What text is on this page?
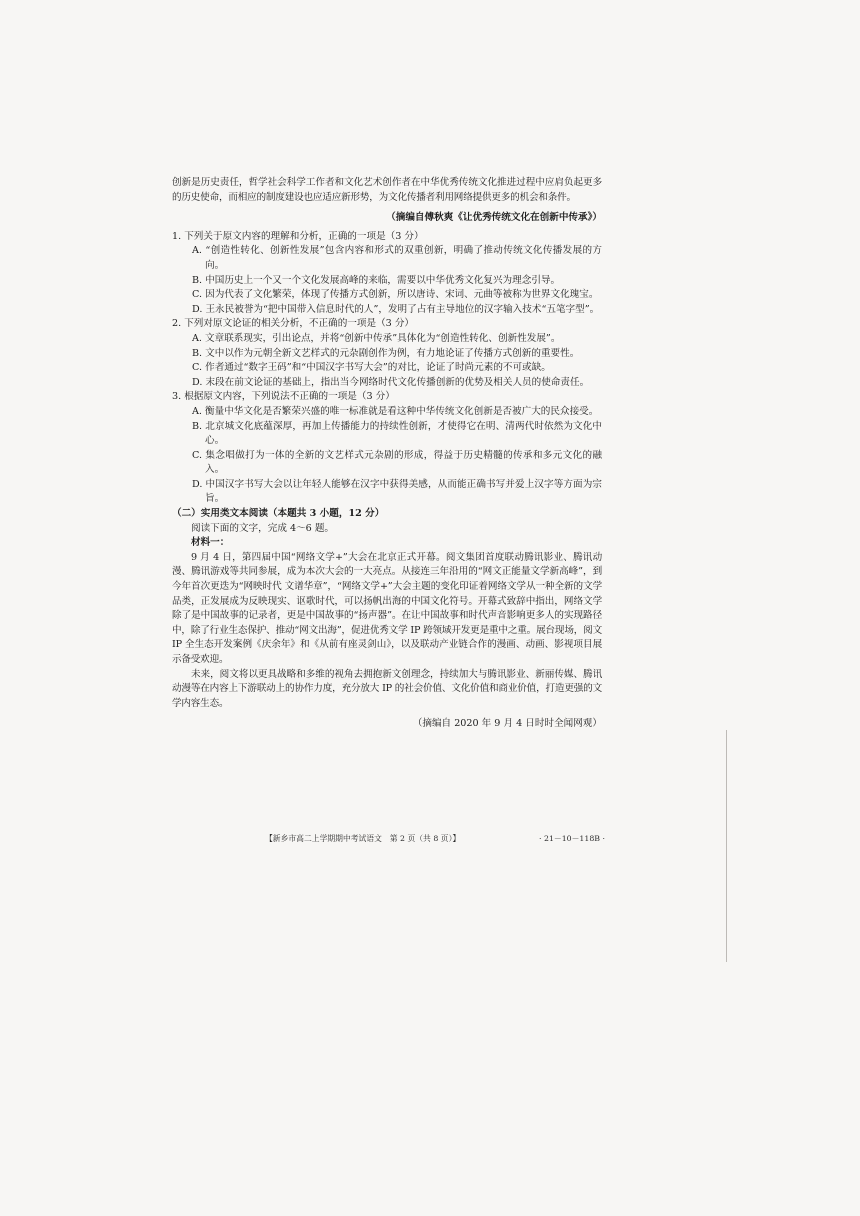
创新是历史责任，哲学社会科学工作者和文化艺术创作者在中华优秀传统文化推进过程中应肩负起更多的历史使命，而相应的制度建设也应适应新形势，为文化传播者利用网络提供更多的机会和条件。

（摘编自傅秋爽《让优秀传统文化在创新中传承》）

1. 下列关于原文内容的理解和分析，正确的一项是（3 分）

A. “创造性转化、创新性发展”包含内容和形式的双重创新，明确了推动传统文化传播发展的方向。

B. 中国历史上一个又一个文化发展高峰的来临，需要以中华优秀文化复兴为理念引导。

C. 因为代表了文化繁荣，体现了传播方式创新，所以唐诗、宋词、元曲等被称为世界文化瑰宝。

D. 王永民被誉为“把中国带入信息时代的人”，发明了占有主导地位的汉字输入技术“五笔字型”。

2. 下列对原文论证的相关分析，不正确的一项是（3 分）

A. 文章联系现实，引出论点，并将“创新中传承”具体化为“创造性转化、创新性发展”。

B. 文中以作为元朝全新文艺样式的元杂剧创作为例，有力地论证了传播方式创新的重要性。

C. 作者通过“数字王码”和“中国汉字书写大会”的对比，论证了时尚元素的不可或缺。

D. 末段在前文论证的基础上，指出当今网络时代文化传播创新的优势及相关人员的使命责任。

3. 根据原文内容，下列说法不正确的一项是（3 分）

A. 衡量中华文化是否繁荣兴盛的唯一标准就是看这种中华传统文化创新是否被广大的民众接受。

B. 北京城文化底蕴深厚，再加上传播能力的持续性创新，才使得它在明、清两代时依然为文化中心。

C. 集念唱做打为一体的全新的文艺样式元杂剧的形成，得益于历史精髓的传承和多元文化的融入。

D. 中国汉字书写大会以让年轻人能够在汉字中获得美感，从而能正确书写并爱上汉字等方面为宗旨。

（二）实用类文本阅读（本题共 3 小题，12 分）

阅读下面的文字，完成 4～6 题。

材料一：

9 月 4 日，第四届中国“网络文学+”大会在北京正式开幕。阅文集团首度联动腾讯影业、腾讯动漫、腾讯游戏等共同参展，成为本次大会的一大亮点。从接连三年沿用的“网文正能量文学新高峰”，到今年首次更迭为“网映时代 文谱华章”，“网络文学+”大会主题的变化印证着网络文学从一种全新的文学品类，正发展成为反映现实、讴歌时代，可以扬帆出海的中国文化符号。开幕式致辞中指出，网络文学除了是中国故事的记录者，更是中国故事的“扬声器”。在让中国故事和时代声音影响更多人的实现路径中，除了行业生态保护、推动“网文出海”，促进优秀文学 IP 跨领域开发更是重中之重。展台现场，阅文 IP 全生态开发案例《庆余年》和《从前有座灵剑山》，以及联动产业链合作的漫画、动画、影视项目展示备受欢迎。

未来，阅文将以更具战略和多维的视角去拥抱新文创理念，持续加大与腾讯影业、新丽传媒、腾讯动漫等在内容上下游联动上的协作力度，充分放大 IP 的社会价值、文化价值和商业价值，打造更强的文学内容生态。

（摘编自 2020 年 9 月 4 日时时全闻网观）

【新乡市高二上学期期中考试语文　第 2 页（共 8 页）】	· 21－10－118B ·
